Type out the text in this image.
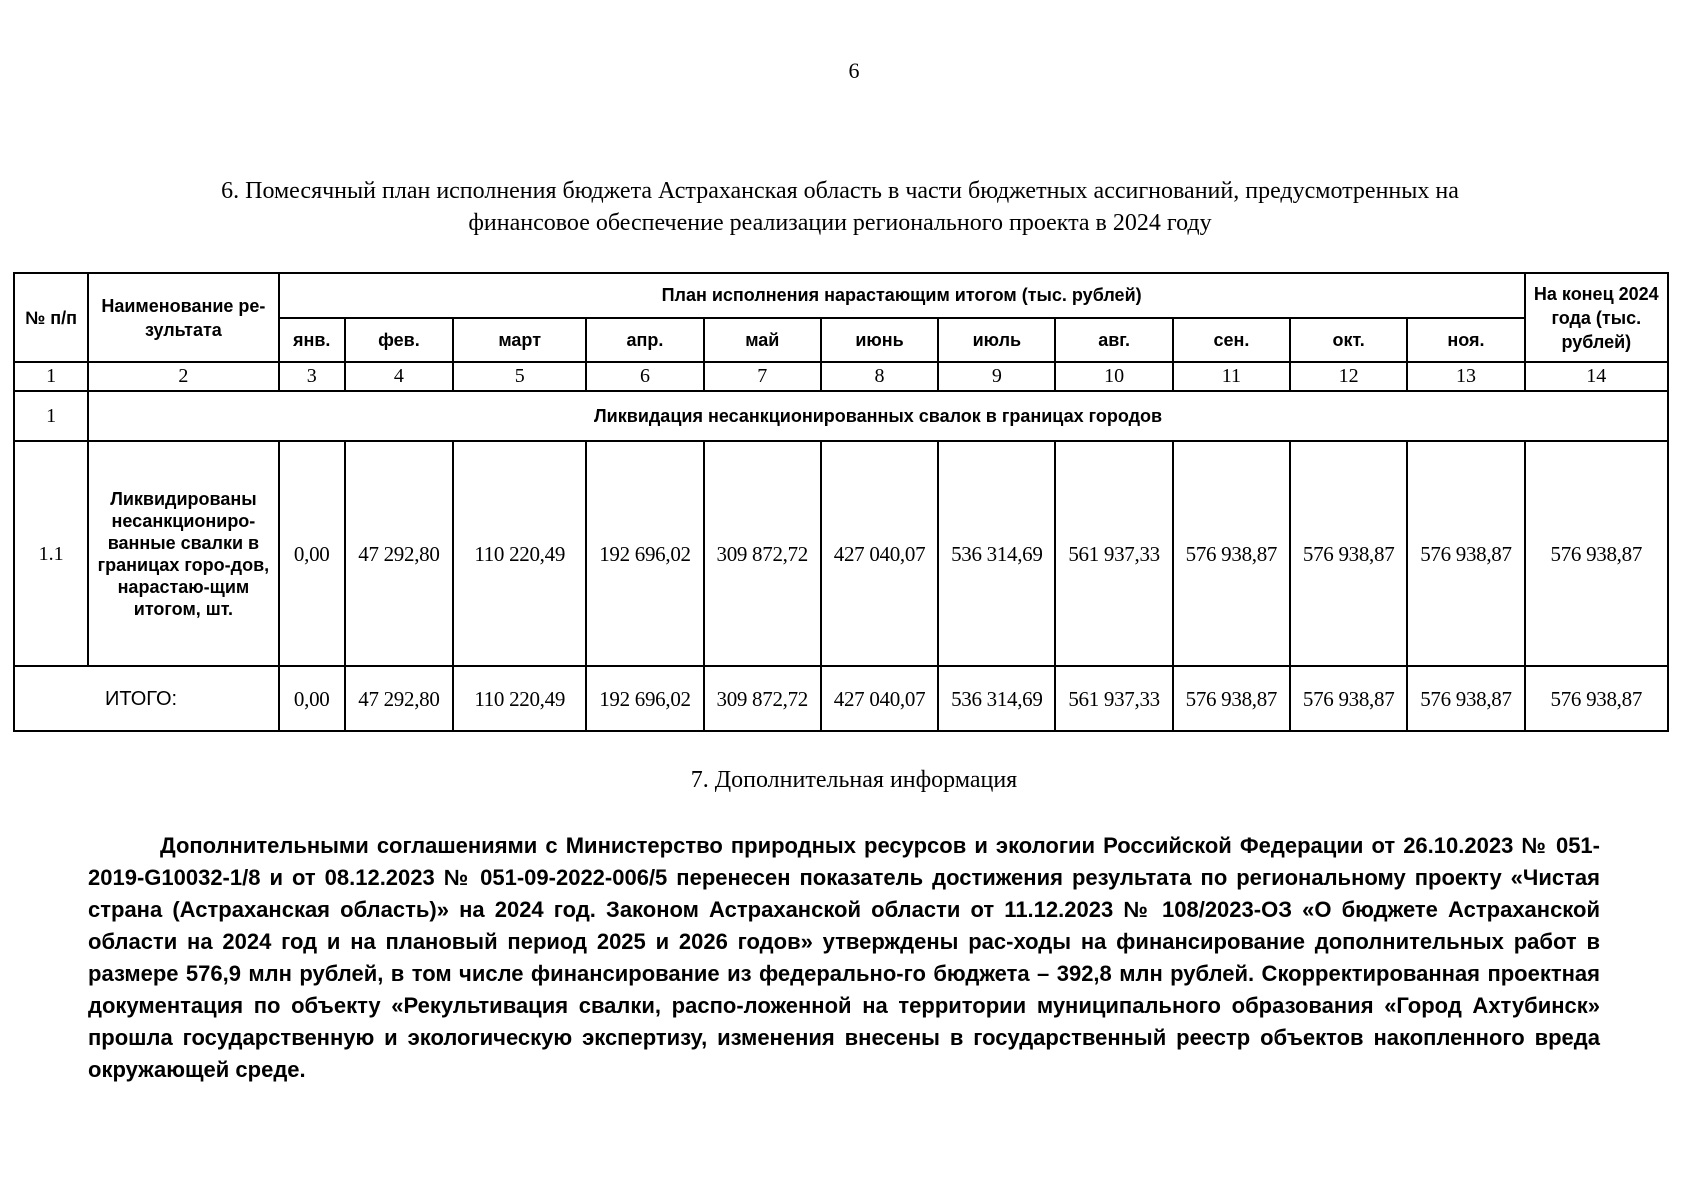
6
6. Помесячный план исполнения бюджета Астраханская область в части бюджетных ассигнований, предусмотренных на
финансовое обеспечение реализации регионального проекта в 2024 году
№ п/п	Наименование ре-зультата	План исполнения нарастающим итогом (тыс. рублей)											На конец 2024 года (тыс. рублей)
		янв.	фев.	март	апр.	май	июнь	июль	авг.	сен.	окт.	ноя.	
1	2	3	4	5	6	7	8	9	10	11	12	13	14
1	Ликвидация несанкционированных свалок в границах городов												
1.1	Ликвидированы несанкциониро-ванные свалки в границах горо-дов, нарастаю-щим итогом, шт.	0,00	47 292,80	110 220,49	192 696,02	309 872,72	427 040,07	536 314,69	561 937,33	576 938,87	576 938,87	576 938,87	576 938,87
ИТОГО:		0,00	47 292,80	110 220,49	192 696,02	309 872,72	427 040,07	536 314,69	561 937,33	576 938,87	576 938,87	576 938,87	576 938,87
7. Дополнительная информация
Дополнительными соглашениями с Министерство природных ресурсов и экологии Российской Федерации от 26.10.2023 № 051-2019-G10032-1/8 и от 08.12.2023 № 051-09-2022-006/5 перенесен показатель достижения результата по региональному проекту «Чистая страна (Астраханская область)» на 2024 год. Законом Астраханской области от 11.12.2023 № 108/2023-ОЗ «О бюджете Астраханской области на 2024 год и на плановый период 2025 и 2026 годов» утверждены рас-ходы на финансирование дополнительных работ в размере 576,9 млн рублей, в том числе финансирование из федерально-го бюджета – 392,8 млн рублей. Скорректированная проектная документация по объекту «Рекультивация свалки, распо-ложенной на территории муниципального образования «Город Ахтубинск» прошла государственную и экологическую экспертизу, изменения внесены в государственный реестр объектов накопленного вреда окружающей среде.
